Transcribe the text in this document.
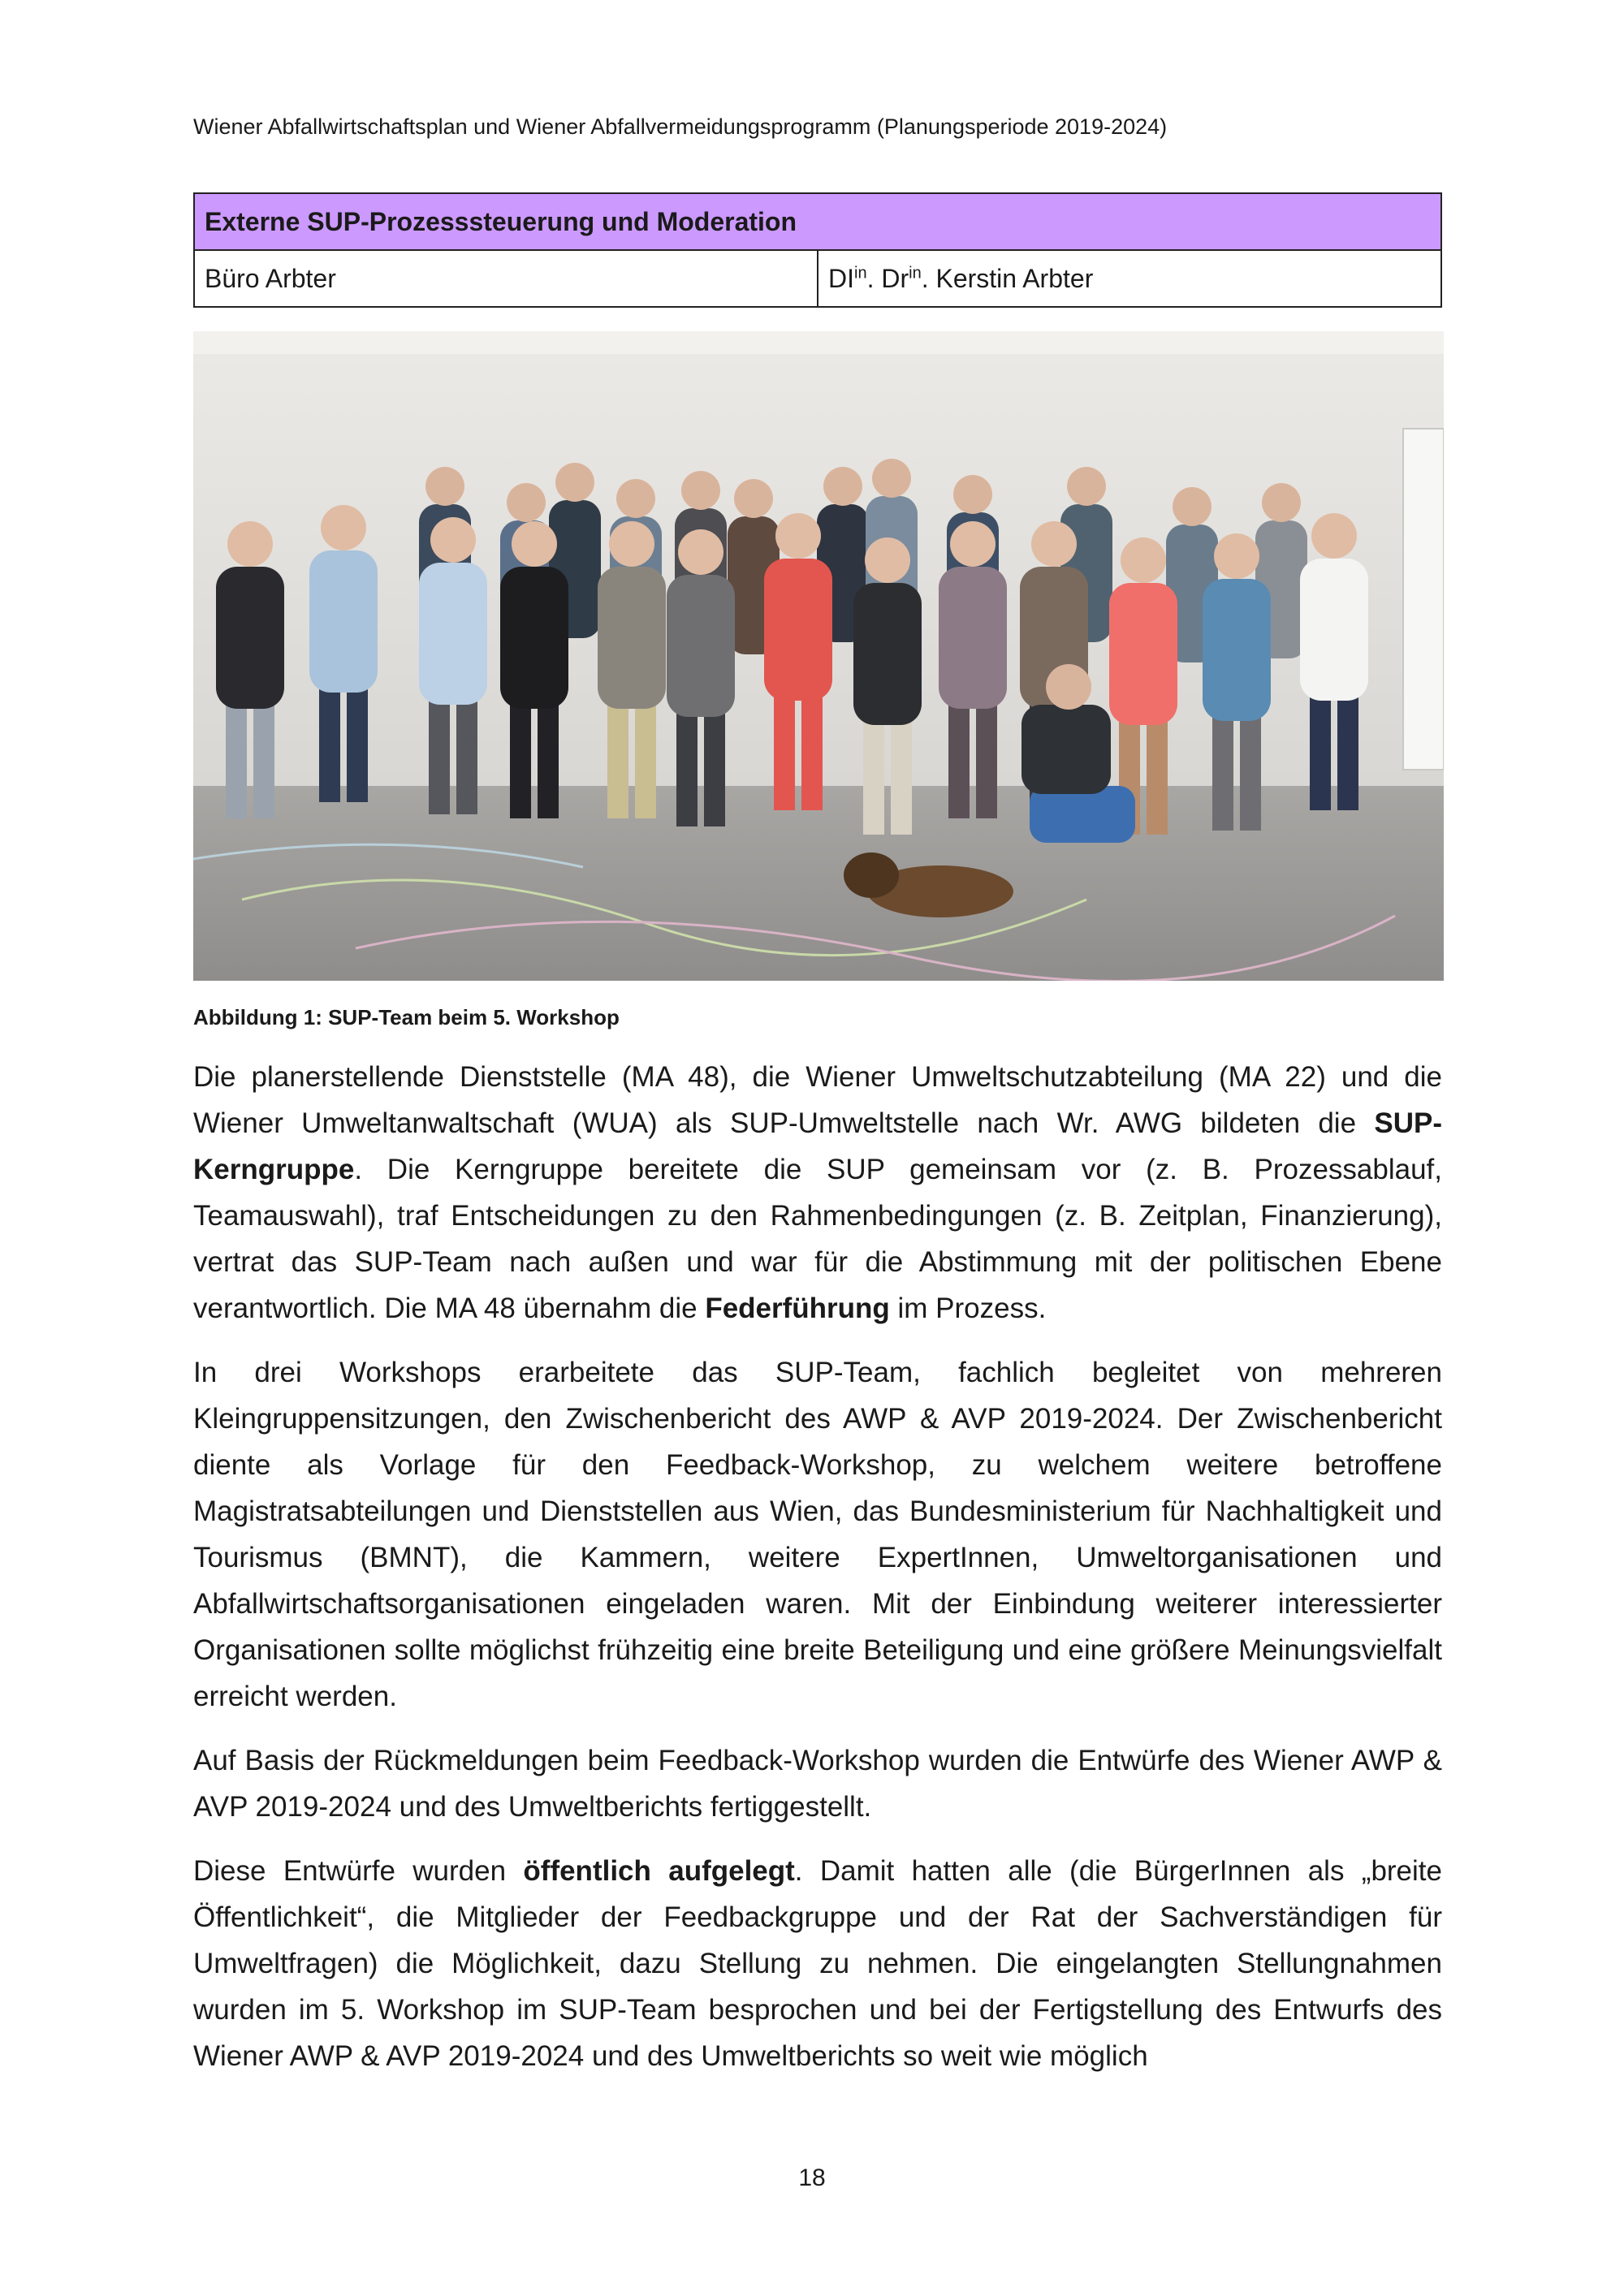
Wiener Abfallwirtschaftsplan und Wiener Abfallvermeidungsprogramm (Planungsperiode 2019-2024)
Externe SUP-Prozesssteuerung und Moderation
Büro Arbter	$DI^{in}$. $Dr^{in}$. Kerstin Arbter
Abbildung 1: SUP-Team beim 5. Workshop

Die planerstellende Dienststelle (MA 48), die Wiener Umweltschutzabteilung (MA 22) und die Wiener Umweltanwaltschaft (WUA) als SUP-Umweltstelle nach Wr. AWG bildeten die SUP-Kerngruppe. Die Kerngruppe bereitete die SUP gemeinsam vor (z. B. Prozessablauf, Teamauswahl), traf Entscheidungen zu den Rahmenbedingungen (z. B. Zeitplan, Finanzierung), vertrat das SUP-Team nach außen und war für die Abstimmung mit der politischen Ebene verantwortlich. Die MA 48 übernahm die Federführung im Prozess.

In drei Workshops erarbeitete das SUP-Team, fachlich begleitet von mehreren Kleingruppensitzungen, den Zwischenbericht des AWP & AVP 2019-2024. Der Zwischenbericht diente als Vorlage für den Feedback-Workshop, zu welchem weitere betroffene Magistratsabteilungen und Dienststellen aus Wien, das Bundesministerium für Nachhaltigkeit und Tourismus (BMNT), die Kammern, weitere ExpertInnen, Umweltorganisationen und Abfallwirtschaftsorganisationen eingeladen waren. Mit der Einbindung weiterer interessierter Organisationen sollte möglichst frühzeitig eine breite Beteiligung und eine größere Meinungsvielfalt erreicht werden.

Auf Basis der Rückmeldungen beim Feedback-Workshop wurden die Entwürfe des Wiener AWP & AVP 2019-2024 und des Umweltberichts fertiggestellt.

Diese Entwürfe wurden öffentlich aufgelegt. Damit hatten alle (die BürgerInnen als „breite Öffentlichkeit“, die Mitglieder der Feedbackgruppe und der Rat der Sachverständigen für Umweltfragen) die Möglichkeit, dazu Stellung zu nehmen. Die eingelangten Stellungnahmen wurden im 5. Workshop im SUP-Team besprochen und bei der Fertigstellung des Entwurfs des Wiener AWP & AVP 2019-2024 und des Umweltberichts so weit wie möglich

18
